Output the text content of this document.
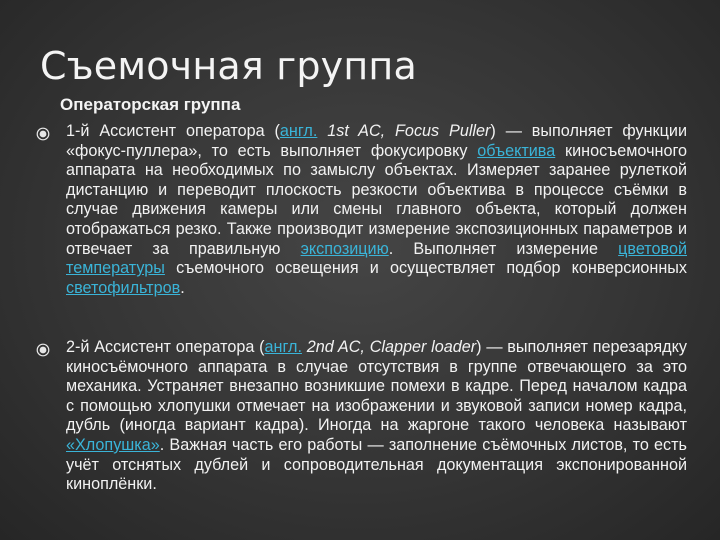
Съемочная группа
Операторская группа

1-й Ассистент оператора (англ. 1st AC, Focus Puller) — выполняет функции «фокус-пуллера», то есть выполняет фокусировку объектива киносъемочного аппарата на необходимых по замыслу объектах. Измеряет заранее рулеткой дистанцию и переводит плоскость резкости объектива в процессе съёмки в случае движения камеры или смены главного объекта, который должен отображаться резко. Также производит измерение экспозиционных параметров и отвечает за правильную экспозицию. Выполняет измерение цветовой температуры съемочного освещения и осуществляет подбор конверсионных светофильтров.

2-й Ассистент оператора (англ. 2nd AC, Clapper loader) — выполняет перезарядку киносъёмочного аппарата в случае отсутствия в группе отвечающего за это механика. Устраняет внезапно возникшие помехи в кадре. Перед началом кадра с помощью хлопушки отмечает на изображении и звуковой записи номер кадра, дубль (иногда вариант кадра). Иногда на жаргоне такого человека называют «Хлопушка». Важная часть его работы — заполнение съёмочных листов, то есть учёт отснятых дублей и сопроводительная документация экспонированной киноплёнки.
